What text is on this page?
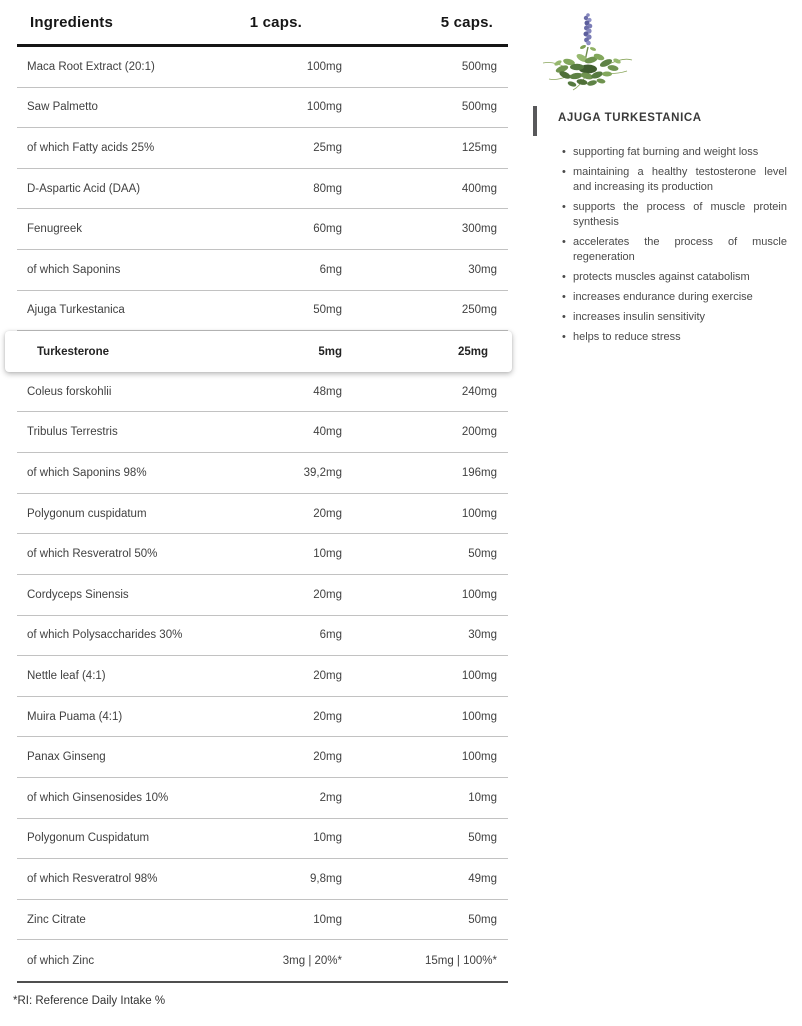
Ingredients	1 caps.	5 caps.
Maca Root Extract (20:1)	100mg	500mg
Saw Palmetto	100mg	500mg
of which Fatty acids 25%	25mg	125mg
D-Aspartic Acid (DAA)	80mg	400mg
Fenugreek	60mg	300mg
of which Saponins	6mg	30mg
Ajuga Turkestanica	50mg	250mg
Turkesterone	5mg	25mg
Coleus forskohlii	48mg	240mg
Tribulus Terrestris	40mg	200mg
of which Saponins 98%	39,2mg	196mg
Polygonum cuspidatum	20mg	100mg
of which Resveratrol 50%	10mg	50mg
Cordyceps Sinensis	20mg	100mg
of which Polysaccharides 30%	6mg	30mg
Nettle leaf (4:1)	20mg	100mg
Muira Puama (4:1)	20mg	100mg
Panax Ginseng	20mg	100mg
of which Ginsenosides 10%	2mg	10mg
Polygonum Cuspidatum	10mg	50mg
of which Resveratrol 98%	9,8mg	49mg
Zinc Citrate	10mg	50mg
of which Zinc	3mg | 20%*	15mg | 100%*
*RI: Reference Daily Intake %
AJUGA TURKESTANICA
• supporting fat burning and weight loss
• maintaining a healthy testosterone level and increasing its production
• supports the process of muscle protein synthesis
• accelerates the process of muscle regeneration
• protects muscles against catabolism
• increases endurance during exercise
• increases insulin sensitivity
• helps to reduce stress
